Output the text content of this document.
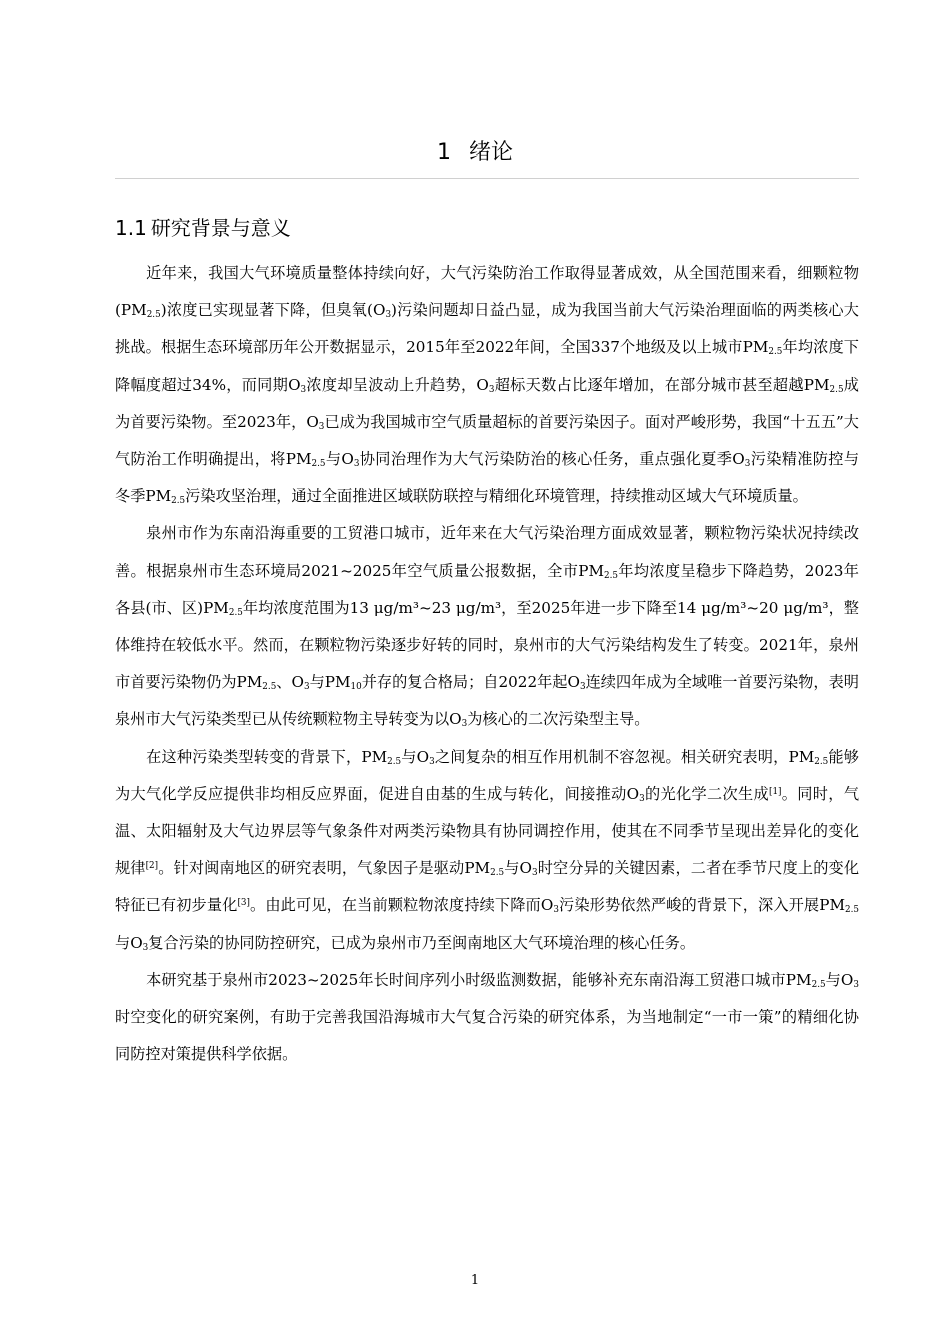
1 绪论
1.1 研究背景与意义

近年来，我国大气环境质量整体持续向好，大气污染防治工作取得显著成效，从全国范围来看，细颗粒物$(PM_{2.5})$浓度已实现显著下降，但臭氧$(O_3)$污染问题却日益凸显，成为我国当前大气污染治理面临的两类核心大挑战。根据生态环境部历年公开数据显示，2015年至2022年间，全国337个地级及以上城市$PM_{2.5}$年均浓度下降幅度超过34%，而同期$O_3$浓度却呈波动上升趋势，$O_3$超标天数占比逐年增加，在部分城市甚至超越$PM_{2.5}$成为首要污染物。至2023年，$O_3$已成为我国城市空气质量超标的首要污染因子。面对严峻形势，我国“十五五”大气防治工作明确提出，将$PM_{2.5}$与$O_3$协同治理作为大气污染防治的核心任务，重点强化夏季$O_3$污染精准防控与冬季$PM_{2.5}$污染攻坚治理，通过全面推进区域联防联控与精细化环境管理，持续推动区域大气环境质量。

泉州市作为东南沿海重要的工贸港口城市，近年来在大气污染治理方面成效显著，颗粒物污染状况持续改善。根据泉州市生态环境局2021~2025年空气质量公报数据，全市$PM_{2.5}$年均浓度呈稳步下降趋势，2023年各县(市、区)$PM_{2.5}$年均浓度范围为13 μg/m³~23 μg/m³，至2025年进一步下降至14 μg/m³~20 μg/m³，整体维持在较低水平。然而，在颗粒物污染逐步好转的同时，泉州市的大气污染结构发生了转变。2021年，泉州市首要污染物仍为$PM_{2.5}$、$O_3$与$PM_{10}$并存的复合格局；自2022年起$O_3$连续四年成为全域唯一首要污染物，表明泉州市大气污染类型已从传统颗粒物主导转变为以$O_3$为核心的二次污染型主导。

在这种污染类型转变的背景下，$PM_{2.5}$与$O_3$之间复杂的相互作用机制不容忽视。相关研究表明，$PM_{2.5}$能够为大气化学反应提供非均相反应界面，促进自由基的生成与转化，间接推动$O_3$的光化学二次生成[1]。同时，气温、太阳辐射及大气边界层等气象条件对两类污染物具有协同调控作用，使其在不同季节呈现出差异化的变化规律[2]。针对闽南地区的研究表明，气象因子是驱动$PM_{2.5}$与$O_3$时空分异的关键因素，二者在季节尺度上的变化特征已有初步量化[3]。由此可见，在当前颗粒物浓度持续下降而$O_3$污染形势依然严峻的背景下，深入开展$PM_{2.5}$与$O_3$复合污染的协同防控研究，已成为泉州市乃至闽南地区大气环境治理的核心任务。

本研究基于泉州市2023~2025年长时间序列小时级监测数据，能够补充东南沿海工贸港口城市$PM_{2.5}$与$O_3$时空变化的研究案例，有助于完善我国沿海城市大气复合污染的研究体系，为当地制定“一市一策”的精细化协同防控对策提供科学依据。

1
